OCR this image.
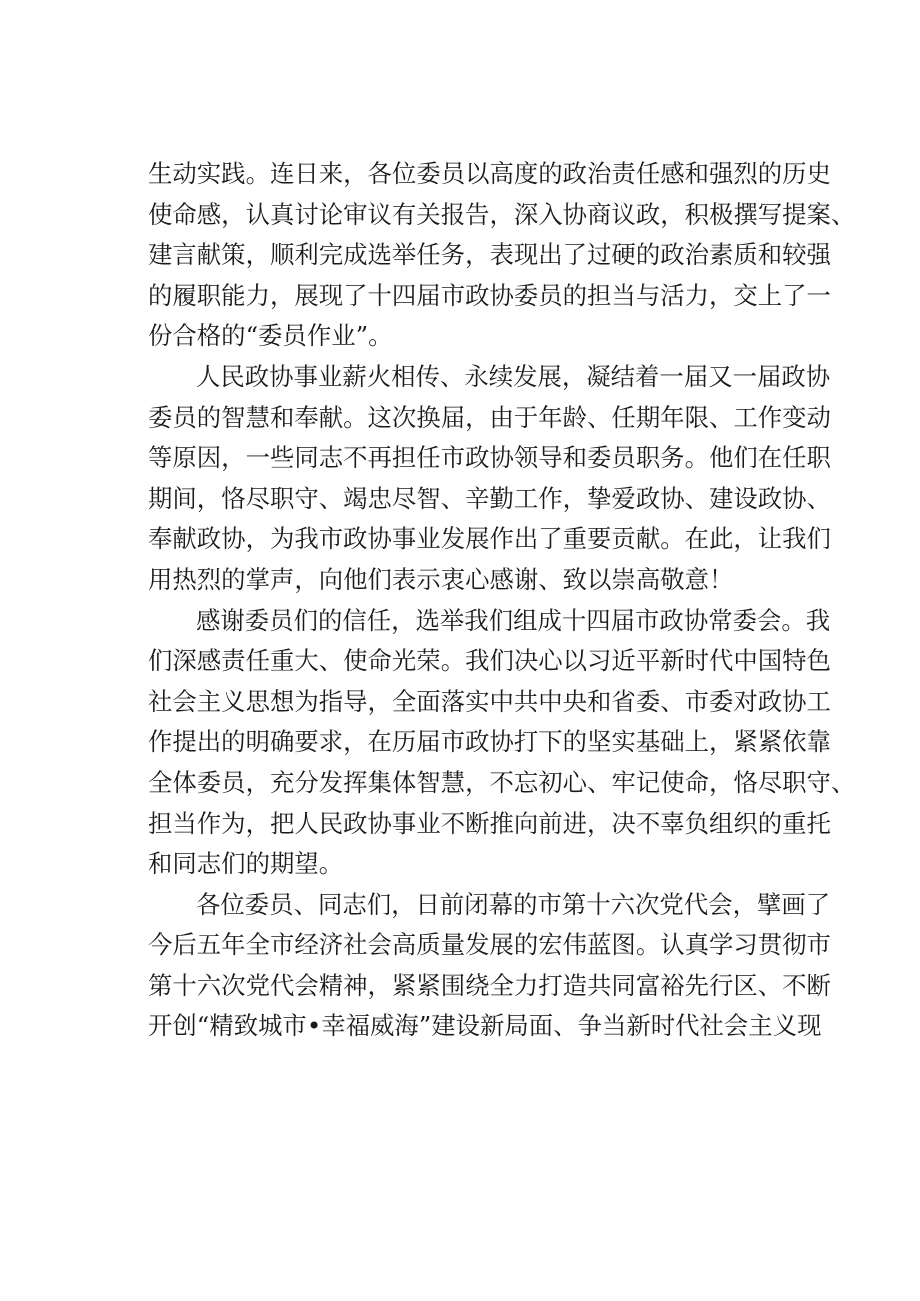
生动实践。连日来，各位委员以高度的政治责任感和强烈的历史
使命感，认真讨论审议有关报告，深入协商议政，积极撰写提案、
建言献策，顺利完成选举任务，表现出了过硬的政治素质和较强
的履职能力，展现了十四届市政协委员的担当与活力，交上了一
份合格的“委员作业”。
人民政协事业薪火相传、永续发展，凝结着一届又一届政协
委员的智慧和奉献。这次换届，由于年龄、任期年限、工作变动
等原因，一些同志不再担任市政协领导和委员职务。他们在任职
期间，恪尽职守、竭忠尽智、辛勤工作，挚爱政协、建设政协、
奉献政协，为我市政协事业发展作出了重要贡献。在此，让我们
用热烈的掌声，向他们表示衷心感谢、致以崇高敬意！
感谢委员们的信任，选举我们组成十四届市政协常委会。我
们深感责任重大、使命光荣。我们决心以习近平新时代中国特色
社会主义思想为指导，全面落实中共中央和省委、市委对政协工
作提出的明确要求，在历届市政协打下的坚实基础上，紧紧依靠
全体委员，充分发挥集体智慧，不忘初心、牢记使命，恪尽职守、
担当作为，把人民政协事业不断推向前进，决不辜负组织的重托
和同志们的期望。
各位委员、同志们，日前闭幕的市第十六次党代会，擘画了
今后五年全市经济社会高质量发展的宏伟蓝图。认真学习贯彻市
第十六次党代会精神，紧紧围绕全力打造共同富裕先行区、不断
开创“精致城市•幸福威海”建设新局面、争当新时代社会主义现
